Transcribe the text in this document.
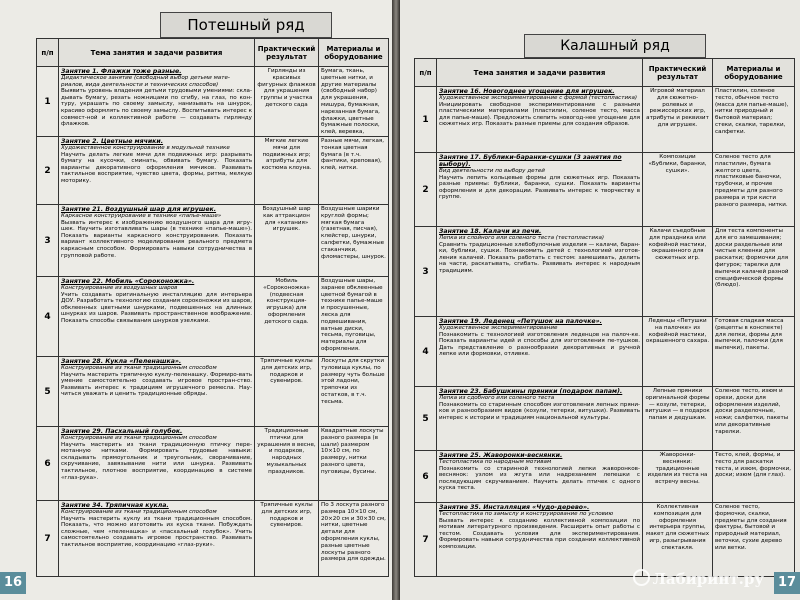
Потешный ряд
п/п	Тема занятия и задачи развития	Практический результат	Материалы и оборудование
1	Занятие 1. Флажки тоже разные.
Дидактическое занятие (свободный выбор детьми мате-риалов, вида деятельности и технических способов)
Выявить уровень владения детьми трудовыми умениями: скла-дывать бумагу, резать ножницами по сгибу, на глаз, по кон-туру, украшать по своему замыслу, нанизывать на шнурок, красиво оформлять по своему замыслу. Воспитывать интерес к совмест-ной и коллективной работе — создавать гирлянду флажков.	Гирлянды из красивых фигурных флажков для украшения группы и участка детского сада	Бумага, ткань, цветные нитки, и другие материалы (свободный набор) для украшения, мишура, бумажная, нарезанная бумага, флажки, цветные бумажные полоски, клей, веревка,

2	Занятие 2. Цветные мячики.
Художественное конструирование в модульной технике
Научить делать легкие мячи для подвижных игр: разрывать бумагу на кусочки, сминать, обвивать бумагу. Показать варианты декоративного оформления мячиков. Развивать тактильное восприятие, чувство цвета, формы, ритма, мелкую моторику.	Мягкие легкие мячи для подвижных игр; атрибуты для костюма клоуна.	Разные мячи, легкая, тонкая цветная бумага (в т.ч. фантики, креповая), клей, нитки.

3	Занятие 21. Воздушный шар для игрушек.
Каркасное конструирование в технике «папье-маше»
Вызвать интерес к изображению воздушного шара для игру-шек. Научить изготавливать шары (в технике «папье-маше»). Показать варианты каркасного конструирования. Показать вариант коллективного моделирования реального предмета каркасным способом. Формировать навыки сотрудничества в групповой работе.	Воздушный шар как аттракцион для «катания» игрушек.	Воздушные шарики круглой формы; мягкая бумага (газетная, писчая), клейстер, шнурки, салфетки, бумажные стаканчики, фломастеры, шнурок.

4	Занятие 22. Мобиль «Сороконожка».
Конструирование из воздушных шаров
Учить создавать оригинальную инсталляцию для интерьера ДОУ. Разработать технологию создания сороконожки из шаров, обклеенных цветными шнурками, подвешенных на длинных шнурках из шаров. Развивать пространственное воображение. Показать способы связывания шнурков узелками.	Мобиль «Сороконожка» (подвесная конструкция-игрушка) для оформления детского сада.	Воздушные шары, заранее обклеенные цветной бумагой в технике папье-маше и просушенные, леска для подвешивания, ватные диски, тесьма, пуговицы, материалы для оформления.

5	Занятие 28. Кукла «Пеленашка».
Конструирование из ткани традиционным способом
Научить мастерить тряпичную куклу-пеленашку. Формиро-вать умение самостоятельно создавать игровое простран-ство. Развивать интерес к традициям игрушечного ремесла. Нау-читься уважать и ценить традиционные обряды.	Тряпичные куклы для детских игр, подарков и сувениров.	Лоскуты для скрутки туловища куклы, по размеру чуть больше этой ладони, тряпочки из остатков, в т.ч. тесьма.

6	Занятие 29. Пасхальный голубок.
Конструирование из ткани традиционным способом
Научить мастерить из ткани традиционную птичку пере-мотанную нитками. Формировать трудовые навыки: складывать прямоугольник и треугольник, сворачивание, скручивание, завязывание нити или шнурка. Развивать тактильное, плотное восприятие, координацию в системе «глаз-рука».	Традиционные птички для украшения в весне, и подарков, народных музыкальных праздников.	Квадратные лоскуты разного размера (в шали) размером 10×10 см, по размеру, нитки разного цвета, пуговицы, бусины.

7	Занятие 34. Тряпичная кукла.
Конструирование из ткани традиционным способом
Научить мастерить куклу из ткани традиционным способом. Показать, что можно изготовить из куска ткани. Побуждать сложные, чем «пеленашка» и «пасхальный голубок». Учить самостоятельно создавать игровое пространство. Развивать тактильное восприятие, координацию «глаз-руки».	Тряпичные куклы для детских игр, подарков и сувениров.	По 3 лоскута разного размера 10×10 см, 20×20 см и 30×30 см, нитки, цветные детали для оформления куклы, разные цветные лоскуты разного размера для одежды.
16
Калашный ряд
п/п	Тема занятия и задачи развития	Практический результат	Материалы и оборудование
1	Занятие 16. Новогоднее угощение для игрушек.
Художественное экспериментирование с формой (тестопластика)
Инициировать свободное экспериментирование с разными пластическими материалами (пластилин, соленое тесто, масса для папье-маше). Предложить слепить новогод-нее угощение для сюжетных игр. Показать разные приемы для создания образов.	Игровой материал для сюжетно-ролевых и режиссерских игр, атрибуты и реквизит для игрушек.	Пластилин, соленое тесто, обычное тесто (масса для папье-маше), нитки природный и бытовой материал; стеки, скалки, тарелки, салфетки.

2	Занятие 17. Бублики-баранки-сушки (3 занятия по выбору).
Вид деятельности по выбору детей
Научить лепить кольцевые формы для сюжетных игр. Показать разные приемы: бублики, баранки, сушки. Показать варианты оформления и для декорации. Развивать интерес к творчеству в группе.	Композиции «Бублики, баранки, сушки».	Соленое тесто для пластилин, бумага желтого цвета, пластиковые баночки, трубочки, и прочие предметы для разного размера и три кисти разного размера, нитки.

3	Занятие 18. Калачи из печи.
Лепка из слойного или соленого теста (тестопластика)
Сравнить традиционные хлебобулочные изделия — калачи, баран-ки, бублики, сушки. Познакомить детей с технологией изготов-ления калачей. Показать работать с тестом: замешивать, делить на части, раскатывать, сгибать. Развивать интерес к народным традициям.	Калачи съедобные для праздника или кофейной мастики, окрашенного для сюжетных игр.	Для теста компоненты для его замешивания; доски раздельные или чистые клеенки для раскатки; формочки для фигурок; тарелки для выпечки калачей разной специфической формы (блюдо).

4	Занятие 19. Леденец «Петушок на палочке».
Художественное экспериментирование
Познакомить с технологией изготовления леденцов на палоч-ке. Показать варианты идей и способы для изготовления пе-тушков. Дать представление о разнообразии декоративных и ручной лепке или формовки, отливке.	Леденцы «Петушки на палочке» из кофейной мастики, окрашенного сахара.	Готовая сладкая масса (рецепты в конспекте) для лепки, формы для выпечки, палочки (для выпечки), пакеты.

5	Занятие 23. Бабушкины пряники (подарок папам).
Лепка из сдобного или соленого теста
Познакомить со старинным способом изготовления лепных пряни-ков и разнообразием видов (козули, тетерки, витушки). Развивать интерес к истории и традициям национальной культуры.	Лепные пряники оригинальной формы — козули, тетерки, витушки — в подарок папам и дедушкам.	Соленое тесто, изюм и орехи, доски для оформления изделий, доски разделочные, ножи; салфетки, пакеты или декоративные тарелки.

6	Занятие 25. Жаворонки-веснянки.
Тестопластика по народным мотивам
Познакомить со старинной технологией лепки жаворонков-веснянок: узлом из жгута или надрезанием лепешки с последующим скручиванием. Научить делать птичек с одного куска теста.	Жаворонки-веснянки: традиционные изделия из теста на встречу весны.	Тесто, клей, формы, и тесто для раскатки теста, и изюм, формочки, доски; изюм (для глаз).

7	Занятие 35. Инсталляция «Чудо-дерево».
Тестопластика по замыслу и конструирование по условию
Вызвать интерес к созданию коллективной композиции по мотивам литературного произведения. Расширить опыт работы с тестом. Создавать условия для экспериментирования. Формировать навыки сотрудничества при создании коллективной композиции.	Коллективная композиция для оформления интерьера группы, макет для сюжетных игр, разыгрывания спектакля.	Соленое тесто, формочки, скалки, предметы для создания фактуры, бытовой и природный материал, веточки, сухие дерево или ветки.
17
Лабиринт.ру
